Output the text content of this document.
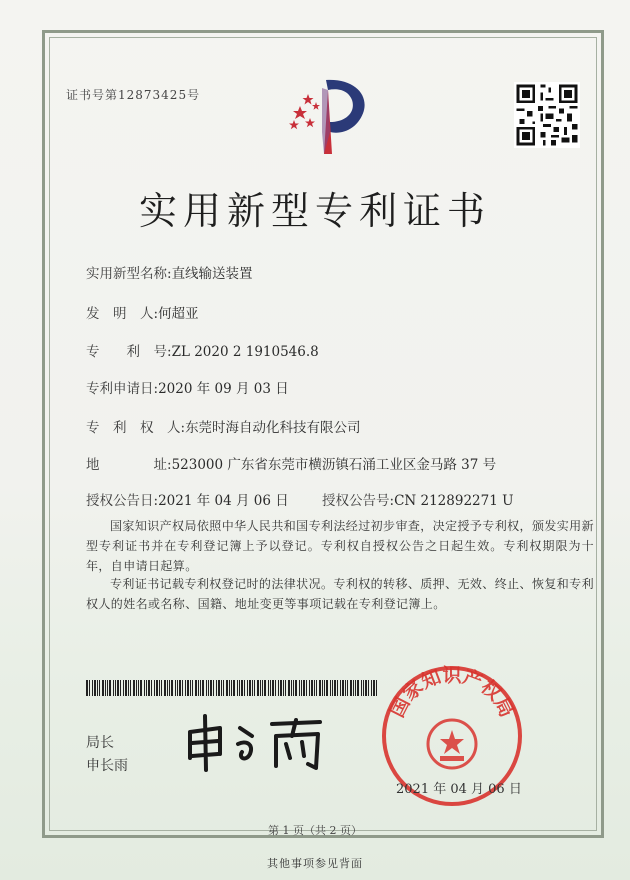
证书号第12873425号
实用新型专利证书
实用新型名称:直线输送装置
发　明　人:何超亚
专　　利　号:ZL 2020 2 1910546.8
专利申请日:2020 年 09 月 03 日
专　利　权　人:东莞时海自动化科技有限公司
地　　　　址:523000 广东省东莞市横沥镇石涌工业区金马路 37 号
授权公告日:2021 年 04 月 06 日 授权公告号:CN 212892271 U
国家知识产权局依照中华人民共和国专利法经过初步审查，决定授予专利权，颁发实用新型专利证书并在专利登记簿上予以登记。专利权自授权公告之日起生效。专利权期限为十年，自申请日起算。
专利证书记载专利权登记时的法律状况。专利权的转移、质押、无效、终止、恢复和专利权人的姓名或名称、国籍、地址变更等事项记载在专利登记簿上。
局长
申长雨
国家知识产权局
2021 年 04 月 06 日
第 1 页（共 2 页）
其他事项参见背面
